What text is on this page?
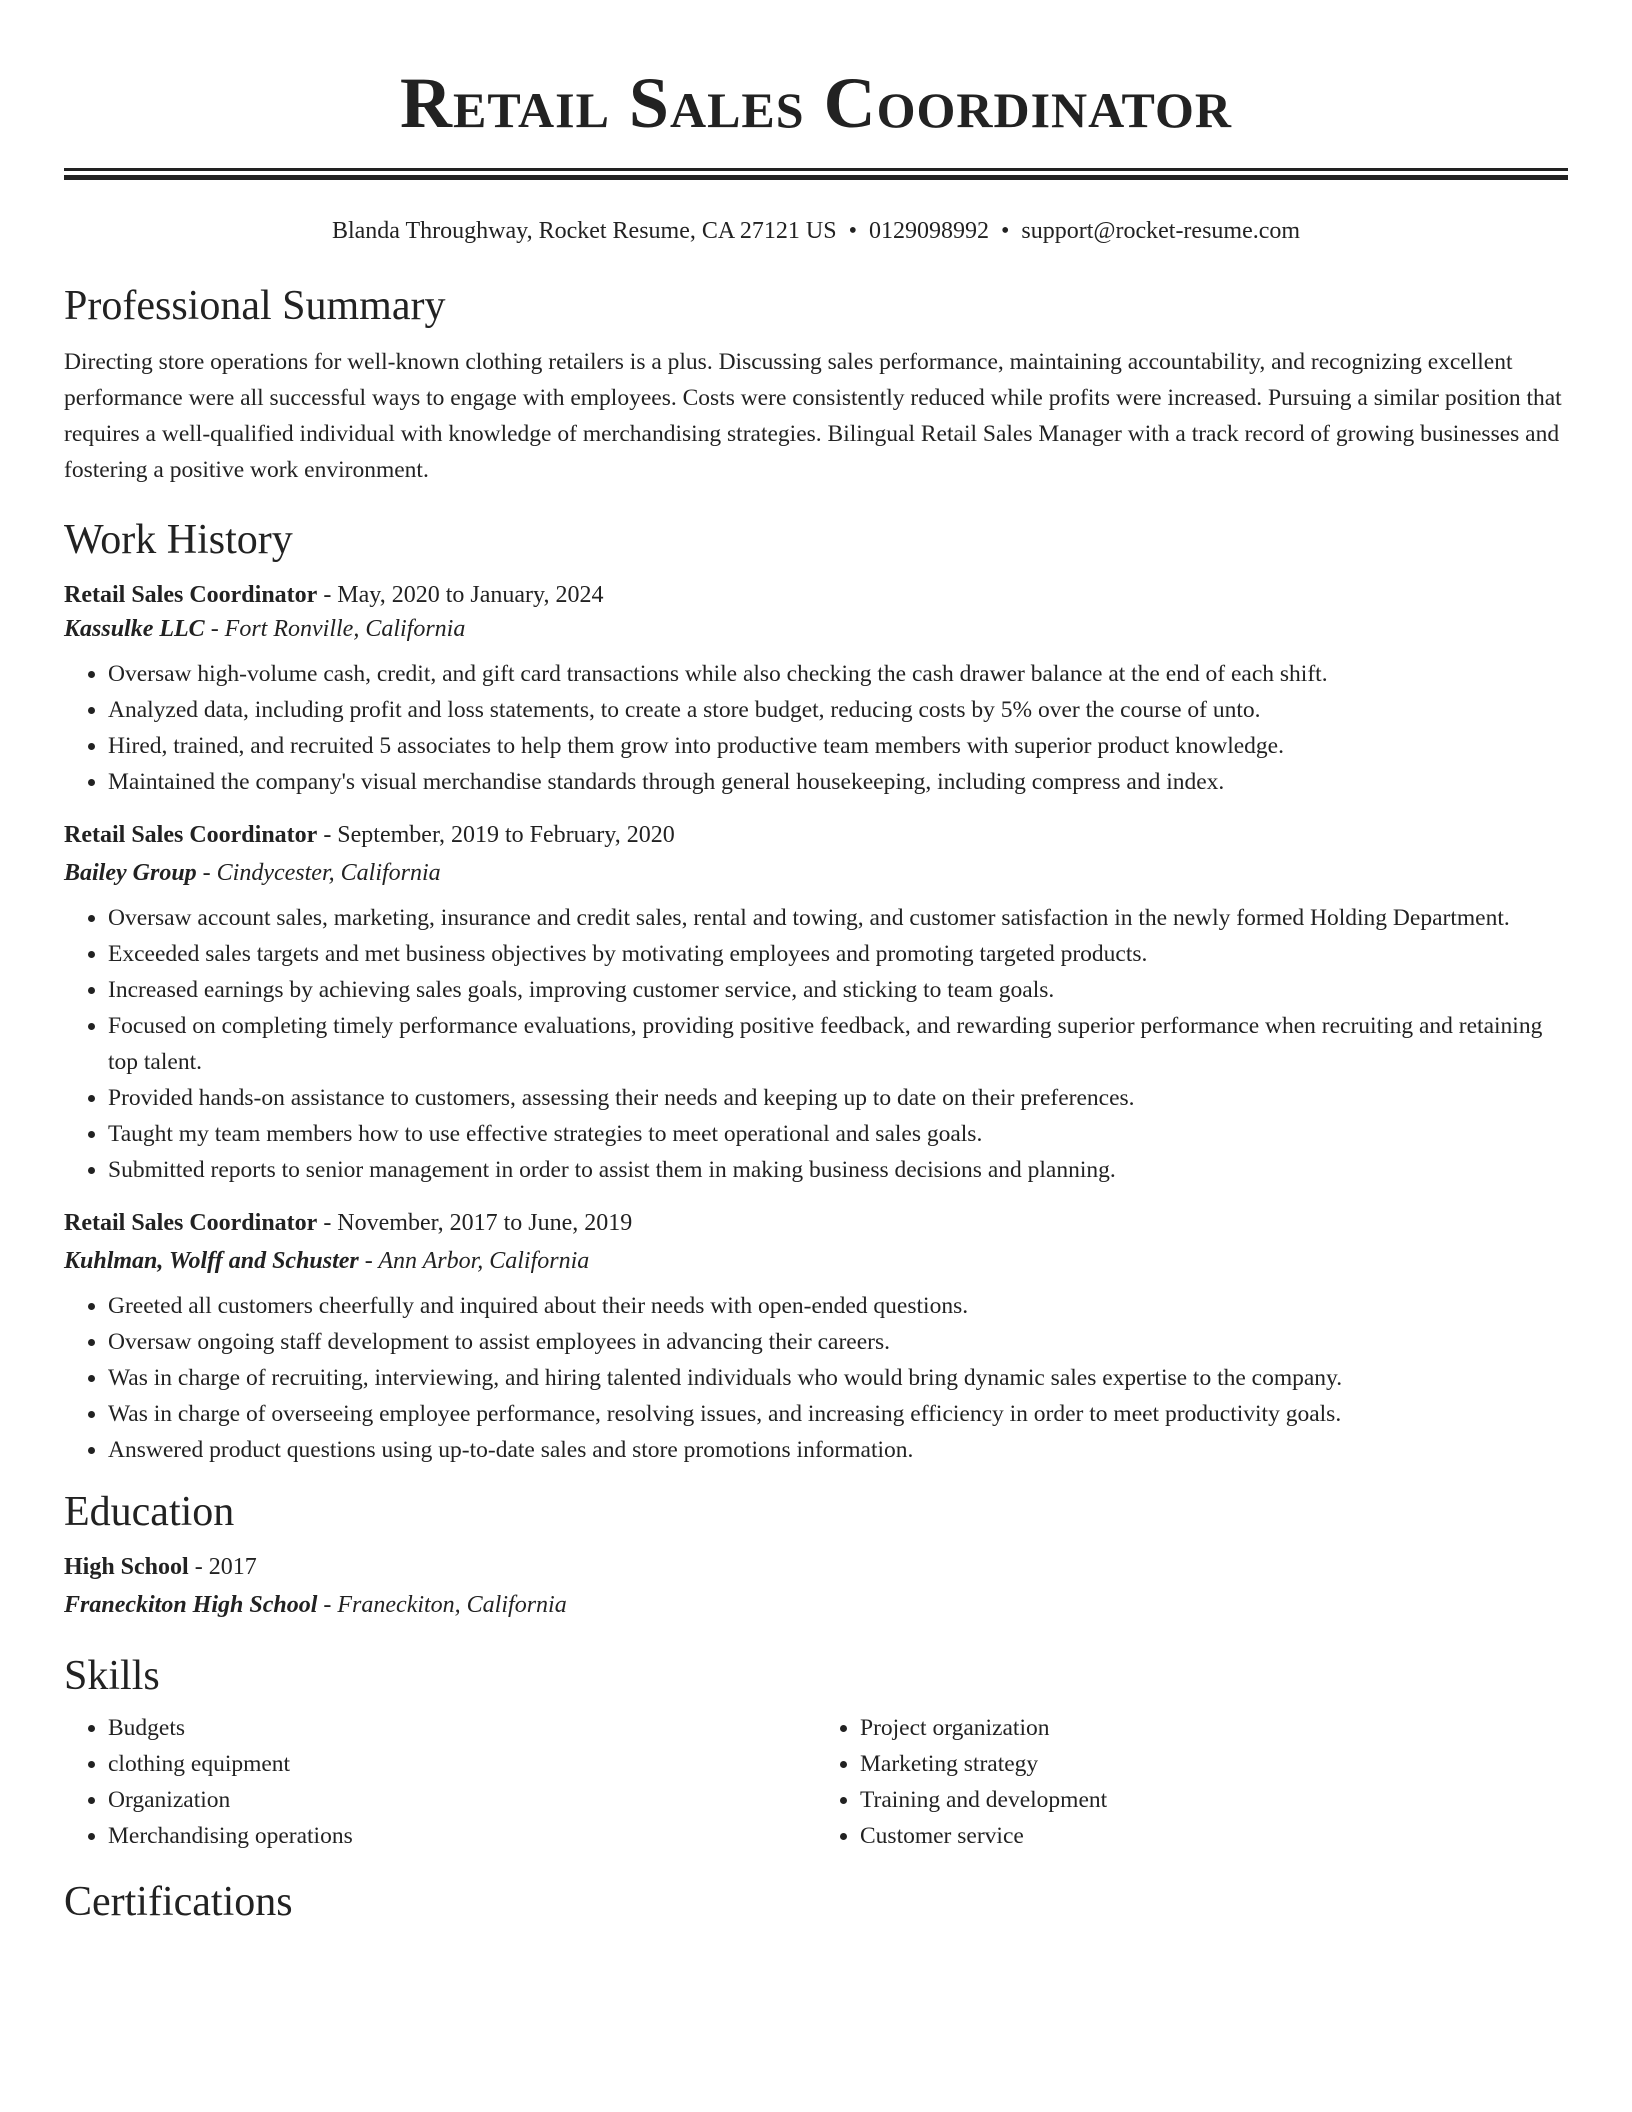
Retail Sales Coordinator
Blanda Throughway, Rocket Resume, CA 27121 US • 0129098992 • support@rocket-resume.com
Professional Summary

Directing store operations for well-known clothing retailers is a plus. Discussing sales performance, maintaining accountability, and recognizing excellent performance were all successful ways to engage with employees. Costs were consistently reduced while profits were increased. Pursuing a similar position that requires a well-qualified individual with knowledge of merchandising strategies. Bilingual Retail Sales Manager with a track record of growing businesses and fostering a positive work environment.

Work History
Retail Sales Coordinator - May, 2020 to January, 2024
Kassulke LLC - Fort Ronville, California
• Oversaw high-volume cash, credit, and gift card transactions while also checking the cash drawer balance at the end of each shift.
• Analyzed data, including profit and loss statements, to create a store budget, reducing costs by 5% over the course of unto.
• Hired, trained, and recruited 5 associates to help them grow into productive team members with superior product knowledge.
• Maintained the company's visual merchandise standards through general housekeeping, including compress and index.
Retail Sales Coordinator - September, 2019 to February, 2020
Bailey Group - Cindycester, California
• Oversaw account sales, marketing, insurance and credit sales, rental and towing, and customer satisfaction in the newly formed Holding Department.
• Exceeded sales targets and met business objectives by motivating employees and promoting targeted products.
• Increased earnings by achieving sales goals, improving customer service, and sticking to team goals.
• Focused on completing timely performance evaluations, providing positive feedback, and rewarding superior performance when recruiting and retaining top talent.
• Provided hands-on assistance to customers, assessing their needs and keeping up to date on their preferences.
• Taught my team members how to use effective strategies to meet operational and sales goals.
• Submitted reports to senior management in order to assist them in making business decisions and planning.
Retail Sales Coordinator - November, 2017 to June, 2019
Kuhlman, Wolff and Schuster - Ann Arbor, California
• Greeted all customers cheerfully and inquired about their needs with open-ended questions.
• Oversaw ongoing staff development to assist employees in advancing their careers.
• Was in charge of recruiting, interviewing, and hiring talented individuals who would bring dynamic sales expertise to the company.
• Was in charge of overseeing employee performance, resolving issues, and increasing efficiency in order to meet productivity goals.
• Answered product questions using up-to-date sales and store promotions information.
Education
High School - 2017
Franeckiton High School - Franeckiton, California
Skills
• Budgets
• clothing equipment
• Organization
• Merchandising operations
• Project organization
• Marketing strategy
• Training and development
• Customer service
Certifications
